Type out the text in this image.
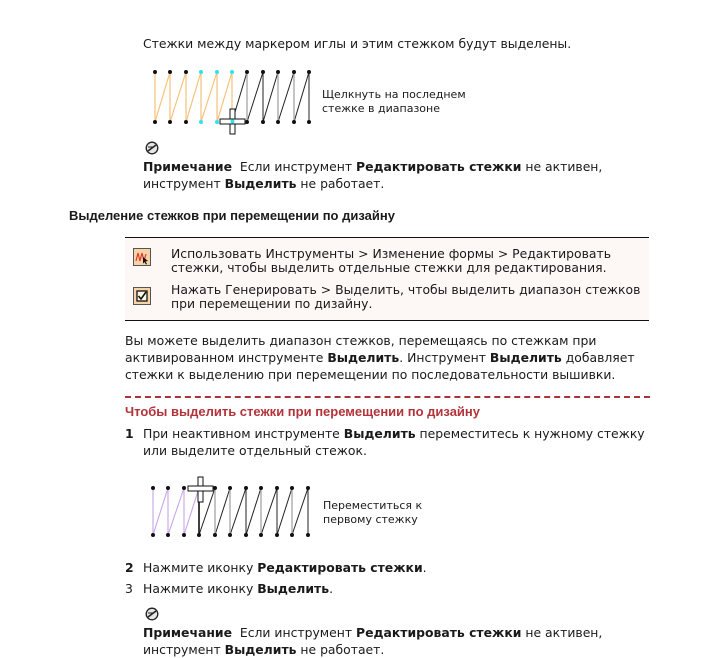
Стежки между маркером иглы и этим стежком будут выделены.
Щелкнуть на последнем
стежке в диапазоне
Примечание Если инструмент Редактировать стежки не активен,
инструмент Выделить не работает.
Выделение стежков при перемещении по дизайну
Использовать Инструменты > Изменение формы > Редактировать
стежки, чтобы выделить отдельные стежки для редактирования.
Нажать Генерировать > Выделить, чтобы выделить диапазон стежков
при перемещении по дизайну.
Вы можете выделить диапазон стежков, перемещаясь по стежкам при
активированном инструменте Выделить. Инструмент Выделить добавляет
стежки к выделению при перемещении по последовательности вышивки.
Чтобы выделить стежки при перемещении по дизайну
1 При неактивном инструменте Выделить переместитесь к нужному стежку
или выделите отдельный стежок.
Переместиться к
первому стежку
2 Нажмите иконку Редактировать стежки.
3 Нажмите иконку Выделить.
Примечание Если инструмент Редактировать стежки не активен,
инструмент Выделить не работает.
